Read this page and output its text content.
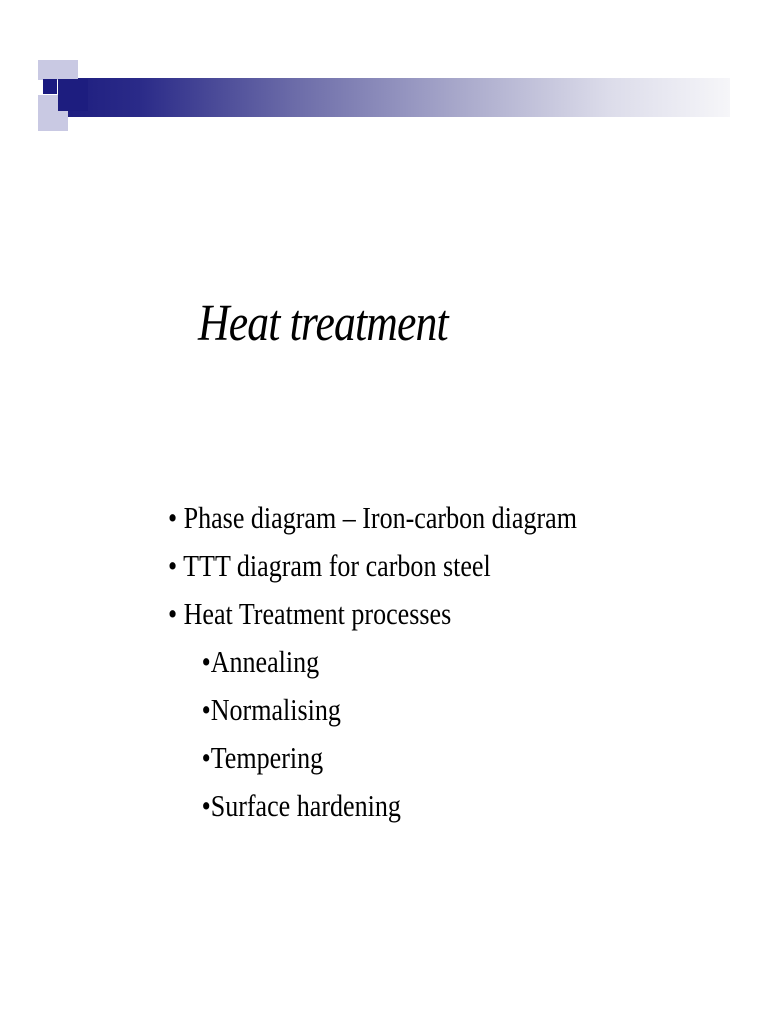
Heat treatment
• Phase diagram – Iron-carbon diagram
• TTT diagram for carbon steel
• Heat Treatment processes
•Annealing
•Normalising
•Tempering
•Surface hardening
